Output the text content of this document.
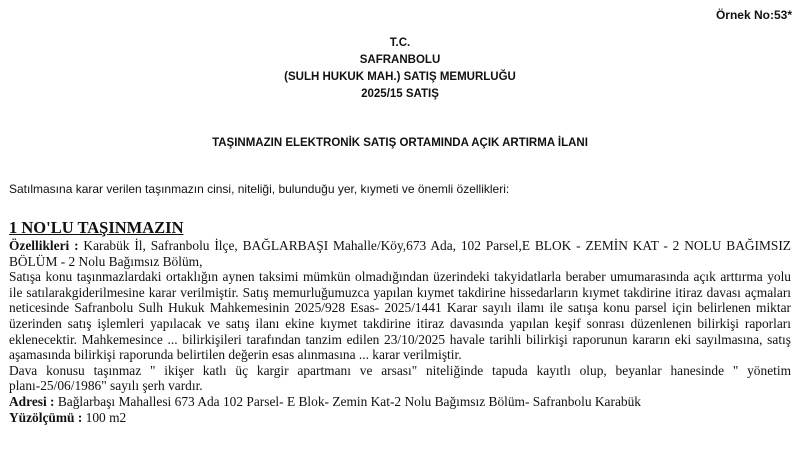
Örnek No:53*
T.C.
SAFRANBOLU
(SULH HUKUK MAH.) SATIŞ MEMURLUĞU
2025/15 SATIŞ
TAŞINMAZIN ELEKTRONİK SATIŞ ORTAMINDA AÇIK ARTIRMA İLANI
Satılmasına karar verilen taşınmazın cinsi, niteliği, bulunduğu yer, kıymeti ve önemli özellikleri:
1 NO'LU TAŞINMAZIN
Özellikleri : Karabük İl, Safranbolu İlçe, BAĞLARBAŞI Mahalle/Köy,673 Ada, 102 Parsel,E BLOK - ZEMİN KAT - 2 NOLU BAĞIMSIZ BÖLÜM - 2 Nolu Bağımsız Bölüm,
Satışa konu taşınmazlardaki ortaklığın aynen taksimi mümkün olmadığından üzerindeki takyidatlarla beraber umumarasında açık arttırma yolu ile satılarakgiderilmesine karar verilmiştir. Satış memurluğumuzca yapılan kıymet takdirine hissedarların kıymet takdirine itiraz davası açmaları neticesinde Safranbolu Sulh Hukuk Mahkemesinin 2025/928 Esas- 2025/1441 Karar sayılı ilamı ile satışa konu parsel için belirlenen miktar üzerinden satış işlemleri yapılacak ve satış ilanı ekine kıymet takdirine itiraz davasında yapılan keşif sonrası düzenlenen bilirkişi raporları eklenecektir. Mahkemesince ... bilirkişileri tarafından tanzim edilen 23/10/2025 havale tarihli bilirkişi raporunun kararın eki sayılmasına, satış aşamasında bilirkişi raporunda belirtilen değerin esas alınmasına ... karar verilmiştir.
Dava konusu taşınmaz " ikişer katlı üç kargir apartmanı ve arsası" niteliğinde tapuda kayıtlı olup, beyanlar hanesinde " yönetim planı-25/06/1986" sayılı şerh vardır.
Adresi : Bağlarbaşı Mahallesi 673 Ada 102 Parsel- E Blok- Zemin Kat-2 Nolu Bağımsız Bölüm- Safranbolu Karabük
Yüzölçümü : 100 m2
